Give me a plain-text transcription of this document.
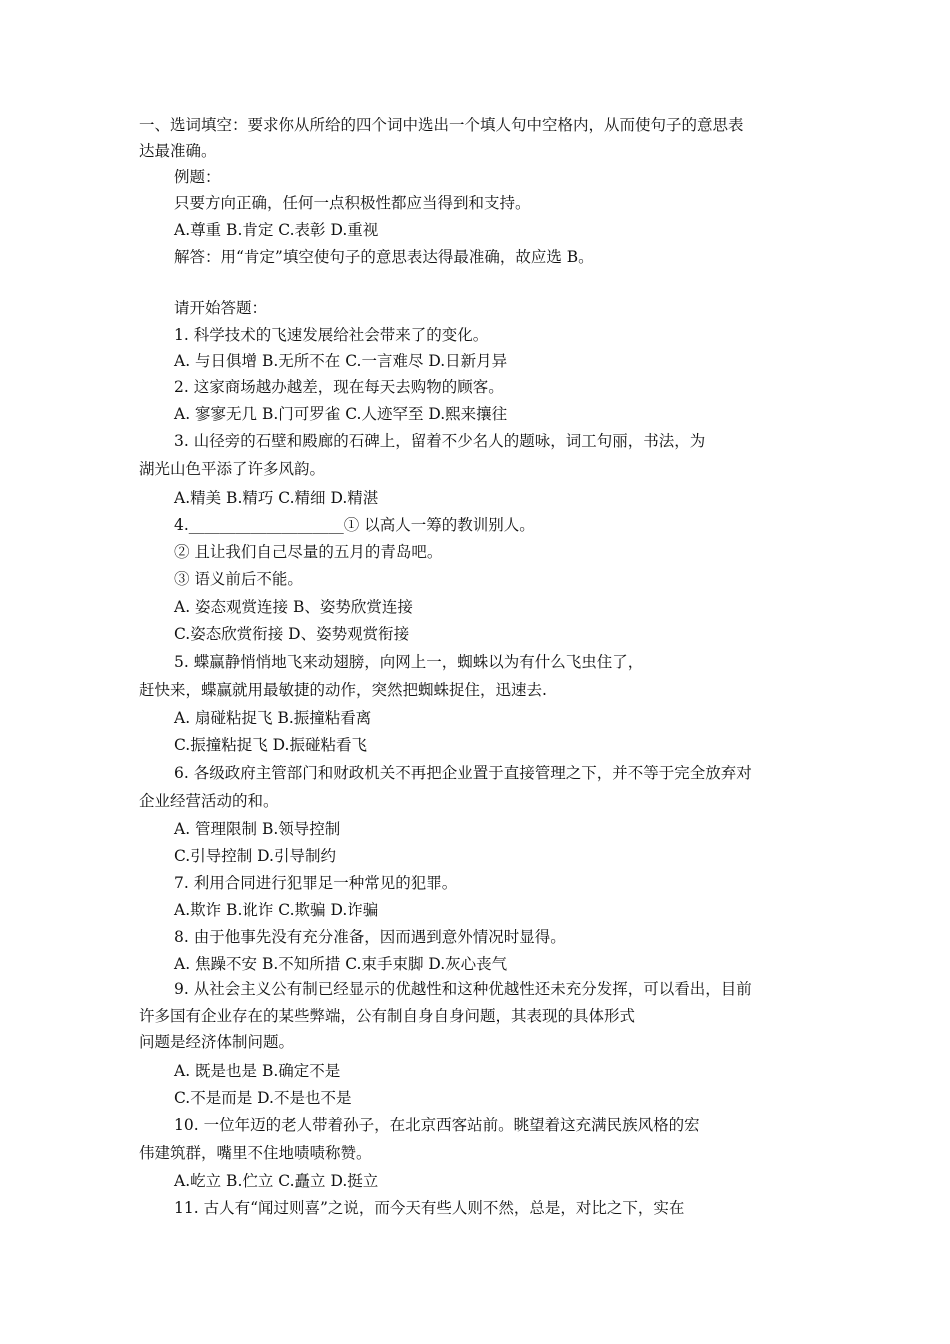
一、选词填空：要求你从所给的四个词中选出一个填人句中空格内，从而使句子的意思表
达最准确。
例题：
只要方向正确，任何一点积极性都应当得到和支持。
A.尊重 B.肯定 C.表彰 D.重视
解答：用“肯定”填空使句子的意思表达得最准确，故应选 B。
请开始答题：
1. 科学技术的飞速发展给社会带来了的变化。
A. 与日俱增 B.无所不在 C.一言难尽 D.日新月异
2. 这家商场越办越差，现在每天去购物的顾客。
A. 寥寥无几 B.门可罗雀 C.人迹罕至 D.熙来攘往
3. 山径旁的石壁和殿廊的石碑上，留着不少名人的题咏，词工句丽，书法，为
湖光山色平添了许多风韵。
A.精美 B.精巧 C.精细 D.精湛
4.____________________① 以高人一筹的教训别人。
② 且让我们自己尽量的五月的青岛吧。
③ 语义前后不能。
A. 姿态观赏连接 B、姿势欣赏连接
C.姿态欣赏衔接 D、姿势观赏衔接
5. 蝶赢静悄悄地飞来动翅膀，向网上一，蜘蛛以为有什么飞虫住了，
赶快来，蝶赢就用最敏捷的动作，突然把蜘蛛捉住，迅速去.
A. 扇碰粘捉飞 B.振撞粘看离
C.振撞粘捉飞 D.振碰粘看飞
6. 各级政府主管部门和财政机关不再把企业置于直接管理之下，并不等于完全放弃对
企业经营活动的和。
A. 管理限制 B.领导控制
C.引导控制 D.引导制约
7. 利用合同进行犯罪足一种常见的犯罪。
A.欺诈 B.讹诈 C.欺骗 D.诈骗
8. 由于他事先没有充分准备，因而遇到意外情况时显得。
A. 焦躁不安 B.不知所措 C.束手束脚 D.灰心丧气
9. 从社会主义公有制已经显示的优越性和这种优越性还未充分发挥，可以看出，目前
许多国有企业存在的某些弊端，公有制自身自身问题，其表现的具体形式
问题是经济体制问题。
A. 既是也是 B.确定不是
C.不是而是 D.不是也不是
10. 一位年迈的老人带着孙子，在北京西客站前。眺望着这充满民族风格的宏
伟建筑群，嘴里不住地啧啧称赞。
A.屹立 B.伫立 C.矗立 D.挺立
11. 古人有“闻过则喜”之说，而今天有些人则不然，总是，对比之下，实在
